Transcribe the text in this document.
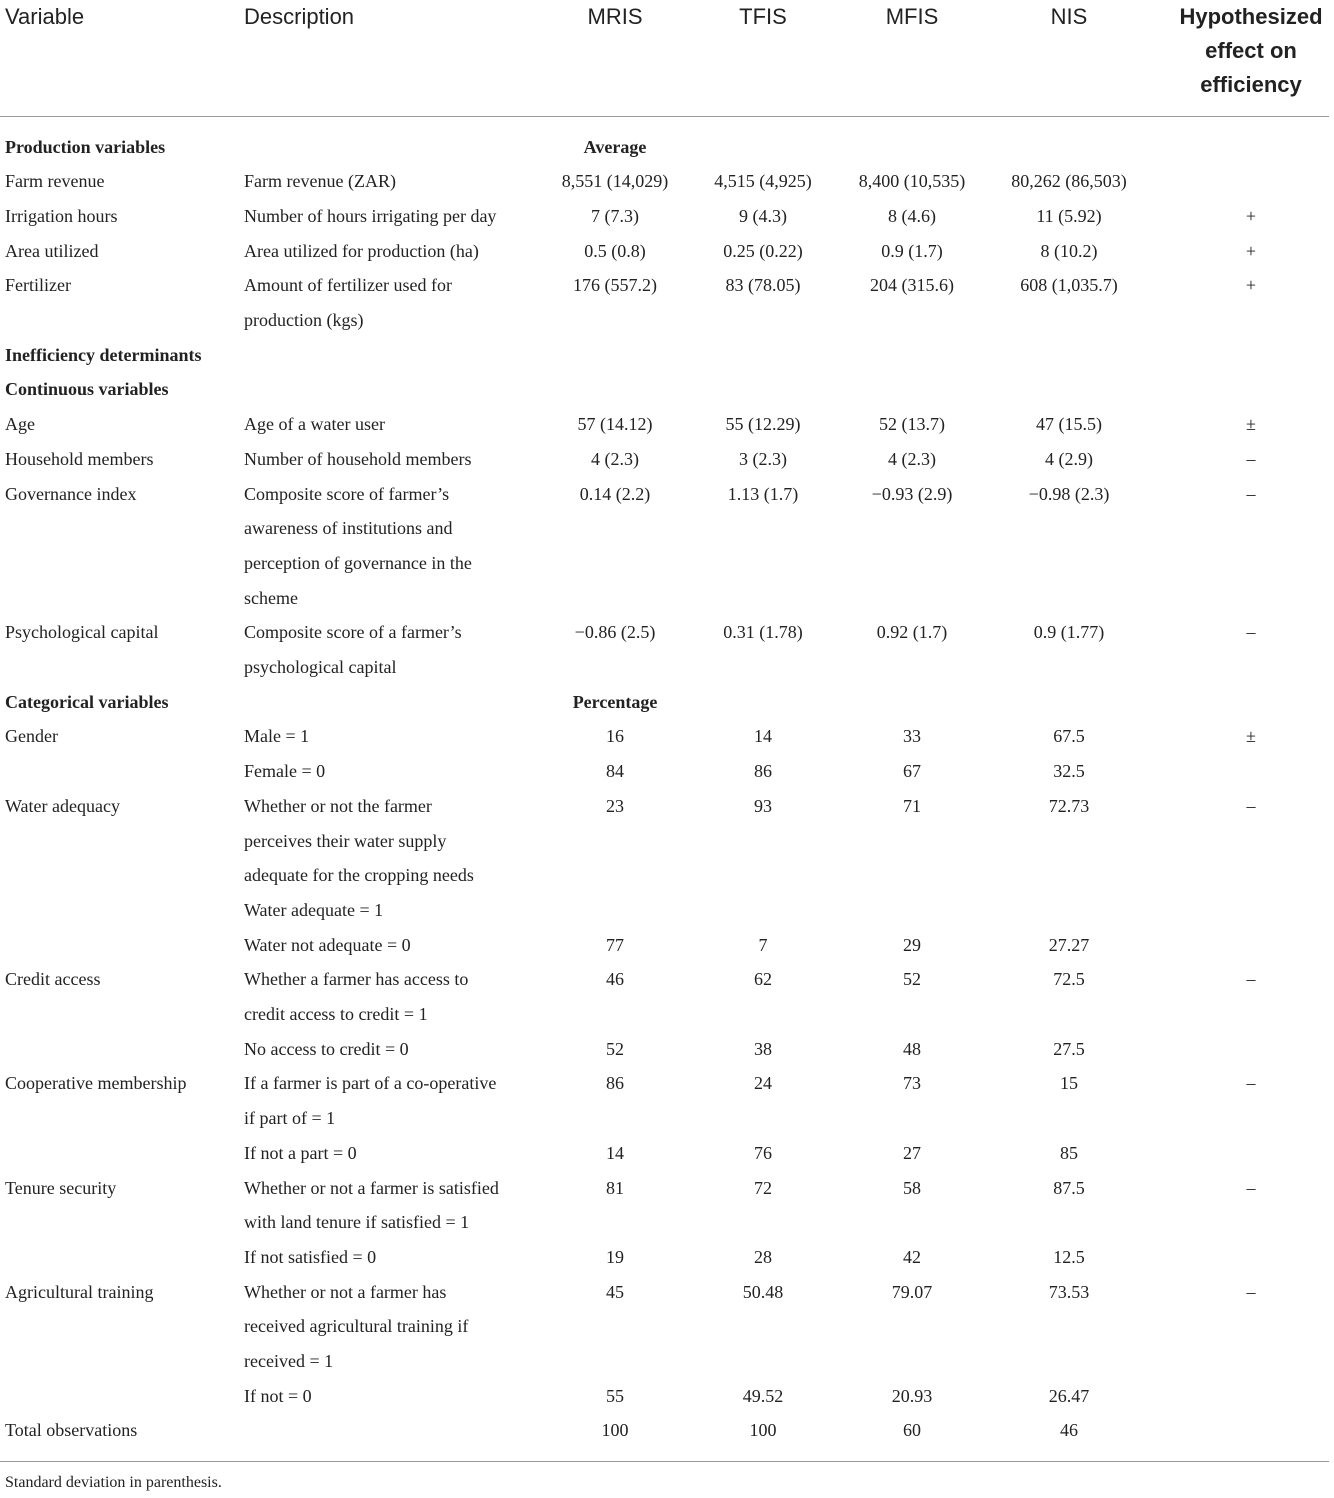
Variable	Description	MRIS	TFIS	MFIS	NIS	Hypothesized
effect on
efficiency
Production variables	Average
Farm revenue	Farm revenue (ZAR)	8,551 (14,029)	4,515 (4,925)	8,400 (10,535)	80,262 (86,503)
Irrigation hours	Number of hours irrigating per day	7 (7.3)	9 (4.3)	8 (4.6)	11 (5.92)	+
Area utilized	Area utilized for production (ha)	0.5 (0.8)	0.25 (0.22)	0.9 (1.7)	8 (10.2)	+
Fertilizer	Amount of fertilizer used for	176 (557.2)	83 (78.05)	204 (315.6)	608 (1,035.7)	+
production (kgs)
Inefficiency determinants
Continuous variables
Age	Age of a water user	57 (14.12)	55 (12.29)	52 (13.7)	47 (15.5)	±
Household members	Number of household members	4 (2.3)	3 (2.3)	4 (2.3)	4 (2.9)	–
Governance index	Composite score of farmer’s	0.14 (2.2)	1.13 (1.7)	−0.93 (2.9)	−0.98 (2.3)	–
awareness of institutions and
perception of governance in the
scheme
Psychological capital	Composite score of a farmer’s	−0.86 (2.5)	0.31 (1.78)	0.92 (1.7)	0.9 (1.77)	–
psychological capital
Categorical variables	Percentage
Gender	Male = 1	16	14	33	67.5	±
Female = 0	84	86	67	32.5
Water adequacy	Whether or not the farmer	23	93	71	72.73	–
perceives their water supply
adequate for the cropping needs
Water adequate = 1
Water not adequate = 0	77	7	29	27.27
Credit access	Whether a farmer has access to	46	62	52	72.5	–
credit access to credit = 1
No access to credit = 0	52	38	48	27.5
Cooperative membership	If a farmer is part of a co-operative	86	24	73	15	–
if part of = 1
If not a part = 0	14	76	27	85
Tenure security	Whether or not a farmer is satisfied	81	72	58	87.5	–
with land tenure if satisfied = 1
If not satisfied = 0	19	28	42	12.5
Agricultural training	Whether or not a farmer has	45	50.48	79.07	73.53	–
received agricultural training if
received = 1
If not = 0	55	49.52	20.93	26.47
Total observations	100	100	60	46
Standard deviation in parenthesis.
